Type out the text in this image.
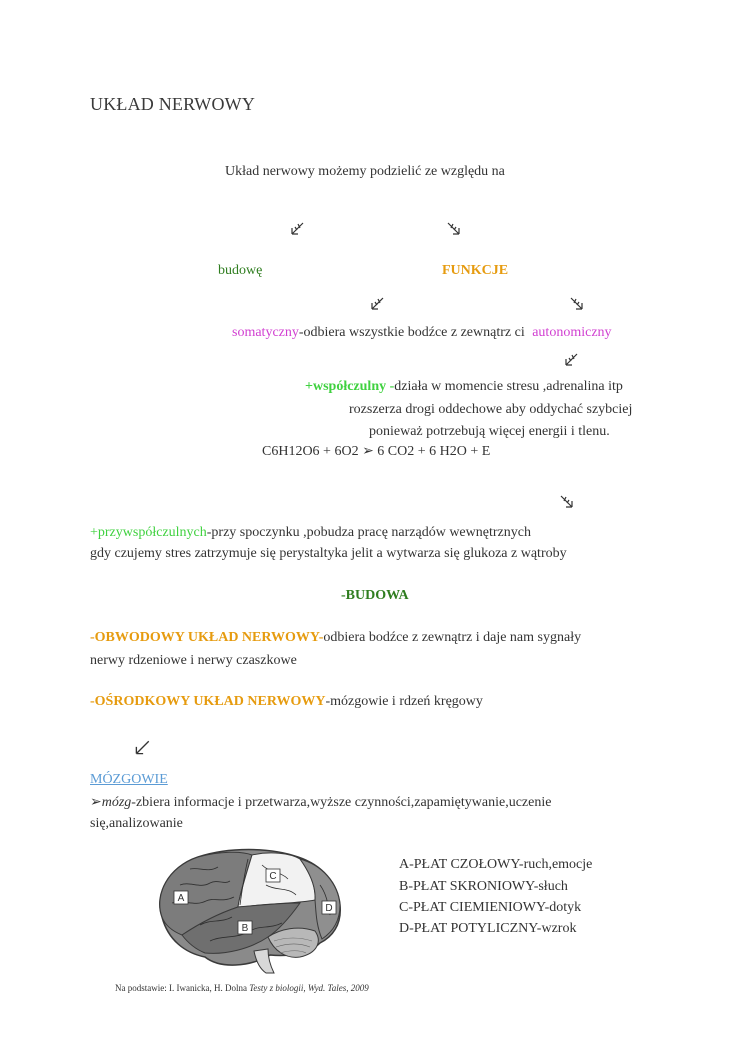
UKŁAD NERWOWY
Układ nerwowy możemy podzielić ze względu na
budowę	FUNKCJE
somatyczny-odbiera wszystkie bodźce z zewnątrz ci autonomiczny
+współczulny -działa w momencie stresu ,adrenalina itp
rozszerza drogi oddechowe aby oddychać szybciej
ponieważ potrzebują więcej energii i tlenu.
C6H12O6 + 6O2 ➢ 6 CO2 + 6 H2O + E
+przywspółczulnych-przy spoczynku ,pobudza pracę narządów wewnętrznych
gdy czujemy stres zatrzymuje się perystaltyka jelit a wytwarza się glukoza z wątroby
-BUDOWA
-OBWODOWY UKŁAD NERWOWY-odbiera bodźce z zewnątrz i daje nam sygnały
nerwy rdzeniowe i nerwy czaszkowe
-OŚRODKOWY UKŁAD NERWOWY-mózgowie i rdzeń kręgowy
MÓZGOWIE
➢mózg-zbiera informacje i przetwarza,wyższe czynności,zapamiętywanie,uczenie
się,analizowanie
A
B
C
D
A-PŁAT CZOŁOWY-ruch,emocje
B-PŁAT SKRONIOWY-słuch
C-PŁAT CIEMIENIOWY-dotyk
D-PŁAT POTYLICZNY-wzrok
Na podstawie: I. Iwanicka, H. Dolna Testy z biologii, Wyd. Tales, 2009
